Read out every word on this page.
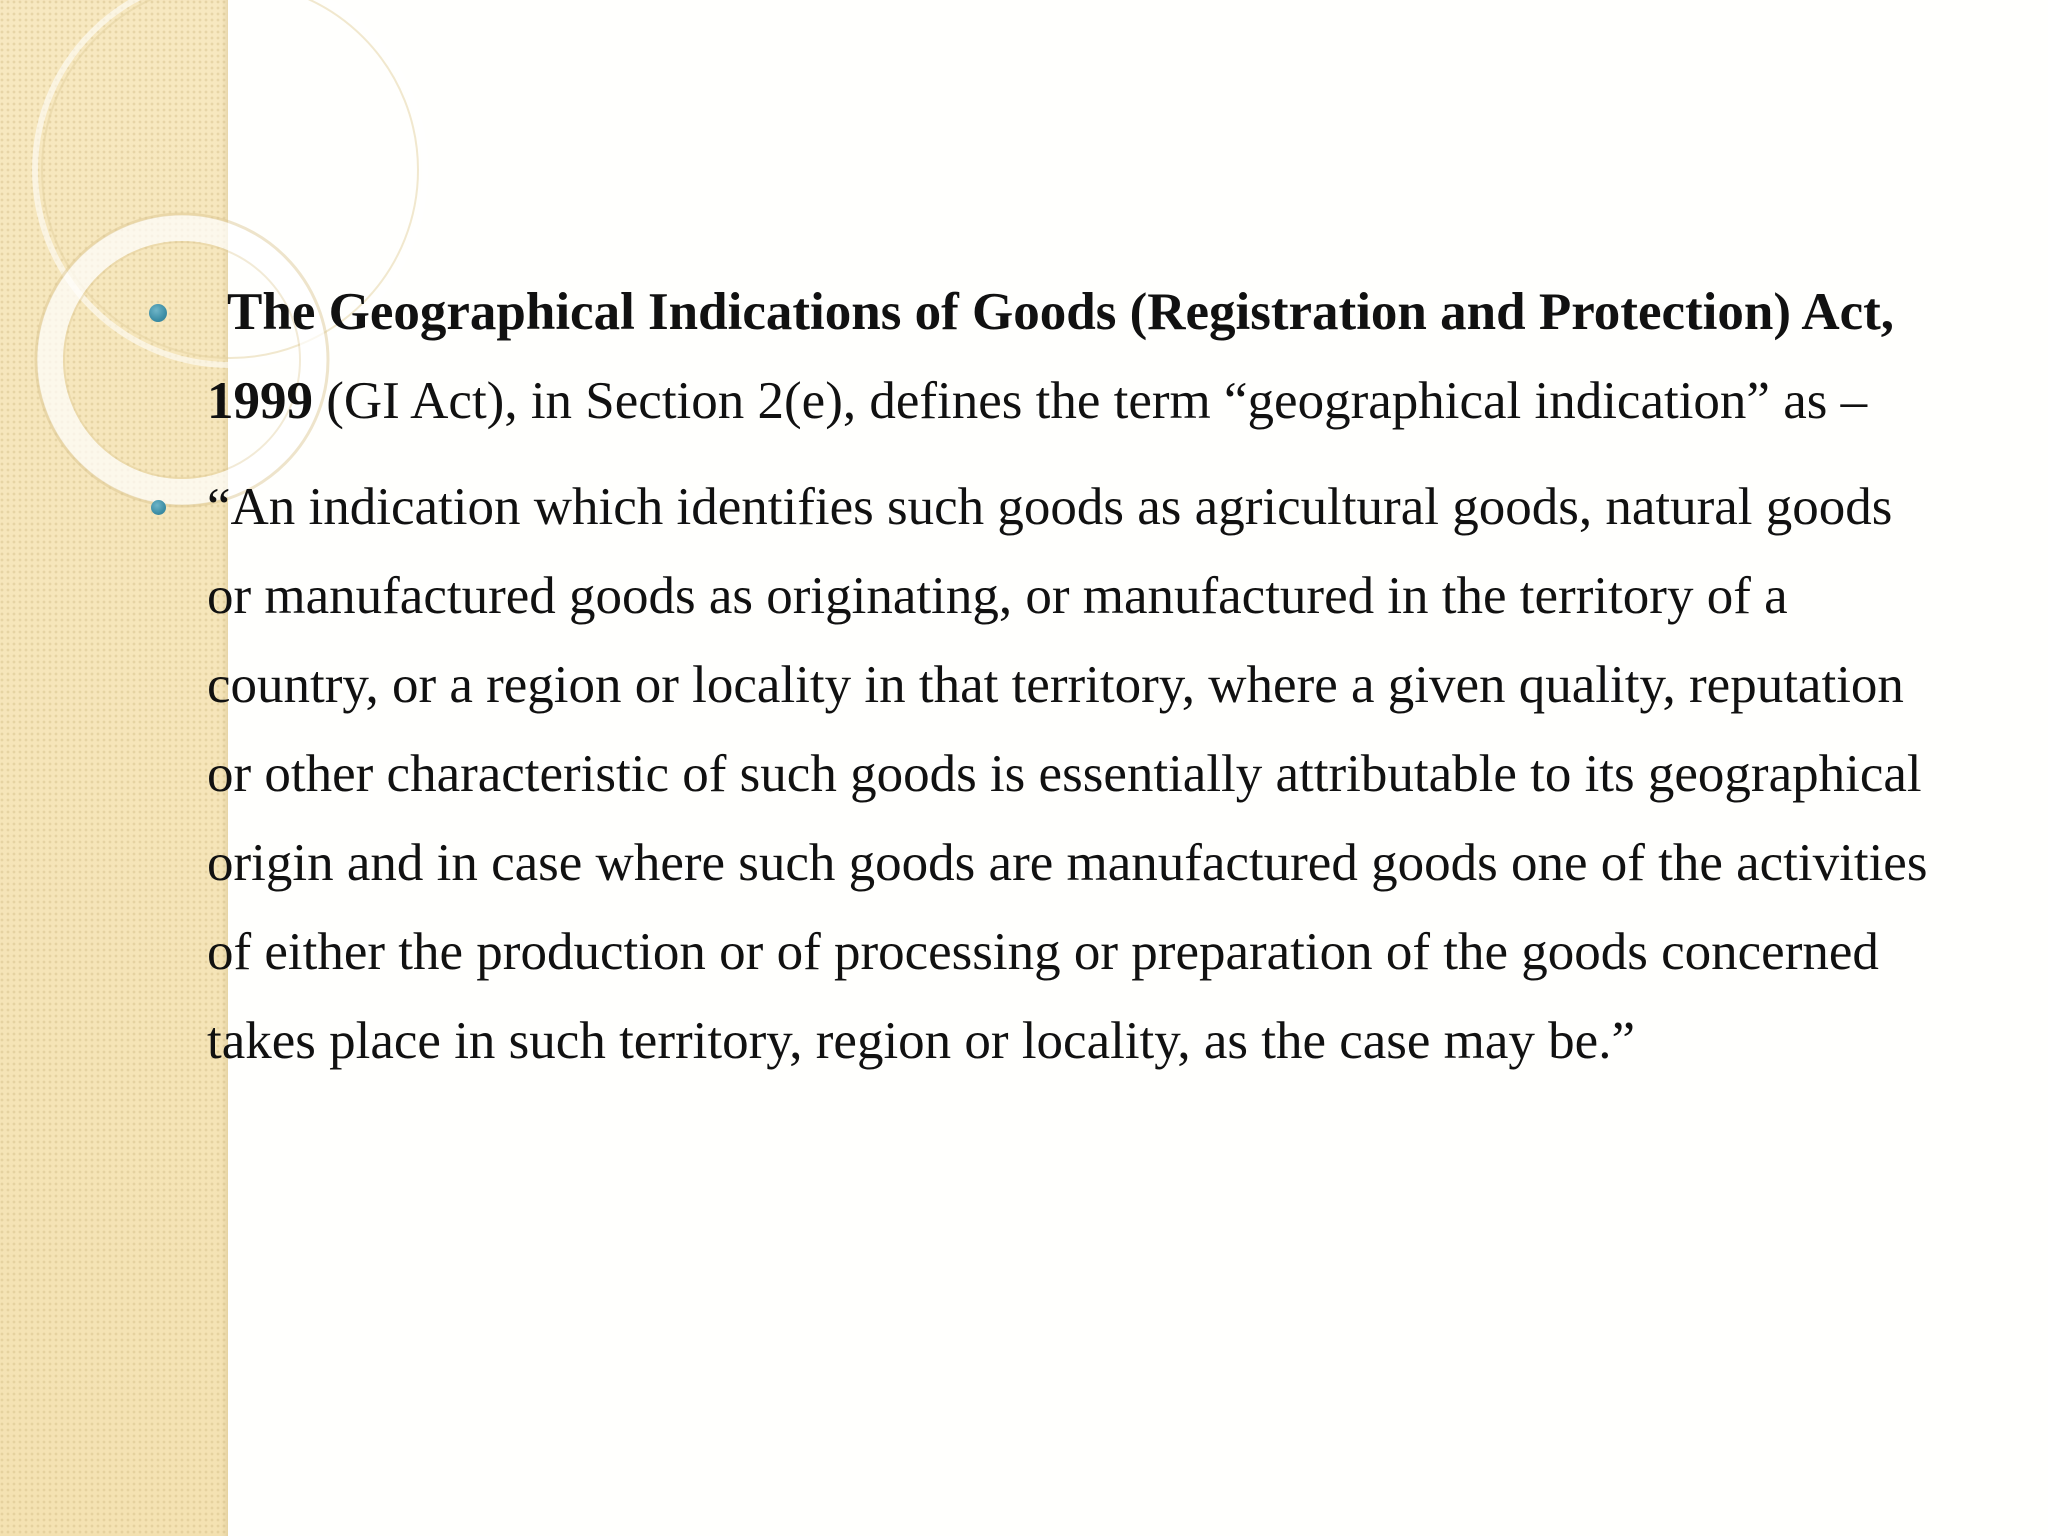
The Geographical Indications of Goods (Registration and Protection) Act, 1999 (GI Act), in Section 2(e), defines the term “geographical indication” as –
“An indication which identifies such goods as agricultural goods, natural goods or manufactured goods as originating, or manufactured in the territory of a country, or a region or locality in that territory, where a given quality, reputation or other characteristic of such goods is essentially attributable to its geographical origin and in case where such goods are manufactured goods one of the activities of either the production or of processing or preparation of the goods concerned takes place in such territory, region or locality, as the case may be.”
